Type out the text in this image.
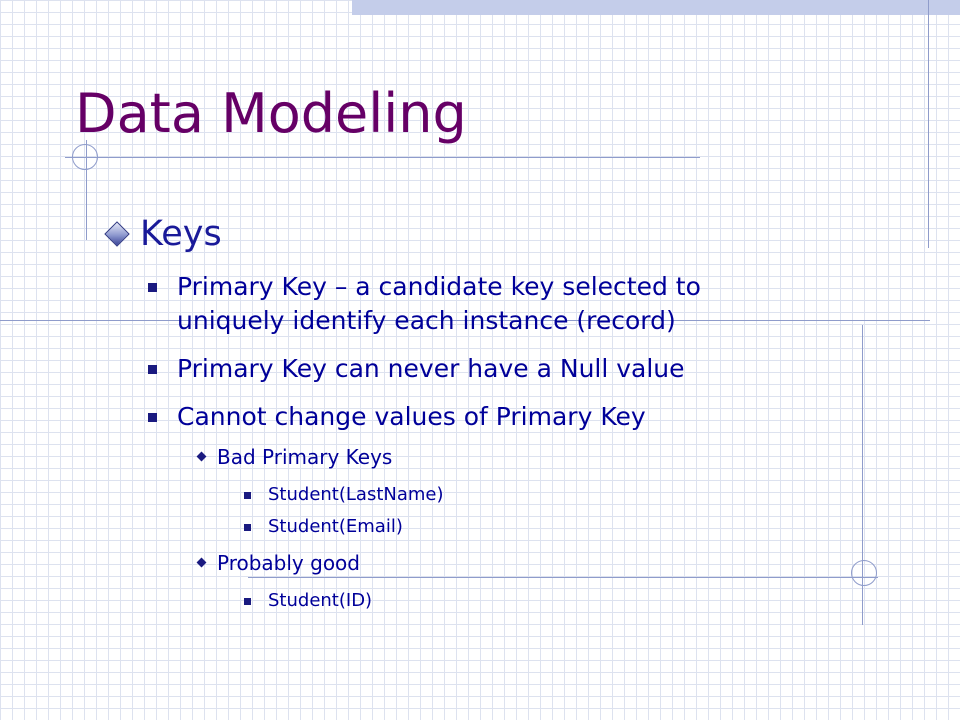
Data Modeling
Keys
Primary Key – a candidate key selected to uniquely identify each instance (record)
Primary Key can never have a Null value
Cannot change values of Primary Key
Bad Primary Keys
Student(LastName)
Student(Email)
Probably good
Student(ID)
